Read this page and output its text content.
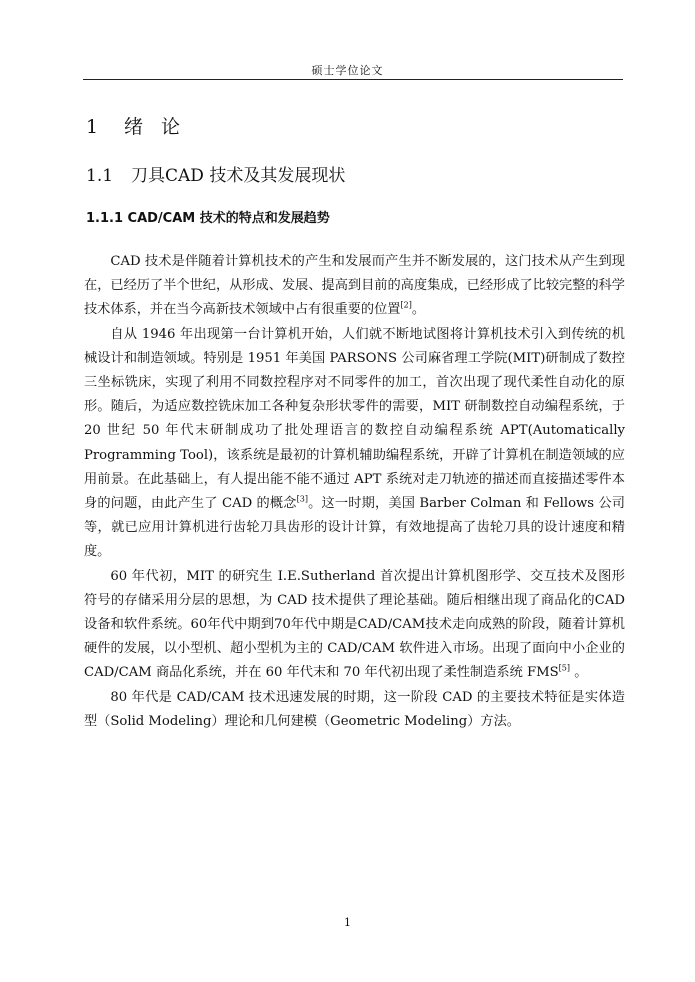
硕士学位论文
1 绪 论
1.1 刀具CAD 技术及其发展现状
1.1.1 CAD/CAM 技术的特点和发展趋势

CAD 技术是伴随着计算机技术的产生和发展而产生并不断发展的，这门技术从产生到现在，已经历了半个世纪，从形成、发展、提高到目前的高度集成，已经形成了比较完整的科学技术体系，并在当今高新技术领域中占有很重要的位置[2]。

自从 1946 年出现第一台计算机开始，人们就不断地试图将计算机技术引入到传统的机械设计和制造领域。特别是 1951 年美国 PARSONS 公司麻省理工学院(MIT)研制成了数控三坐标铣床，实现了利用不同数控程序对不同零件的加工，首次出现了现代柔性自动化的原形。随后，为适应数控铣床加工各种复杂形状零件的需要，MIT 研制数控自动编程系统，于 20 世纪 50 年代末研制成功了批处理语言的数控自动编程系统 APT(Automatically Programming Tool)，该系统是最初的计算机辅助编程系统，开辟了计算机在制造领域的应用前景。在此基础上，有人提出能不能不通过 APT 系统对走刀轨迹的描述而直接描述零件本身的问题，由此产生了 CAD 的概念[3]。这一时期，美国 Barber Colman 和 Fellows 公司等，就已应用计算机进行齿轮刀具齿形的设计计算，有效地提高了齿轮刀具的设计速度和精度。

60 年代初，MIT 的研究生 I.E.Sutherland 首次提出计算机图形学、交互技术及图形符号的存储采用分层的思想，为 CAD 技术提供了理论基础。随后相继出现了商品化的CAD设备和软件系统。60年代中期到70年代中期是CAD/CAM技术走向成熟的阶段，随着计算机硬件的发展，以小型机、超小型机为主的 CAD/CAM 软件进入市场。出现了面向中小企业的 CAD/CAM 商品化系统，并在 60 年代末和 70 年代初出现了柔性制造系统 FMS[5] 。

80 年代是 CAD/CAM 技术迅速发展的时期，这一阶段 CAD 的主要技术特征是实体造型（Solid Modeling）理论和几何建模（Geometric Modeling）方法。

1
